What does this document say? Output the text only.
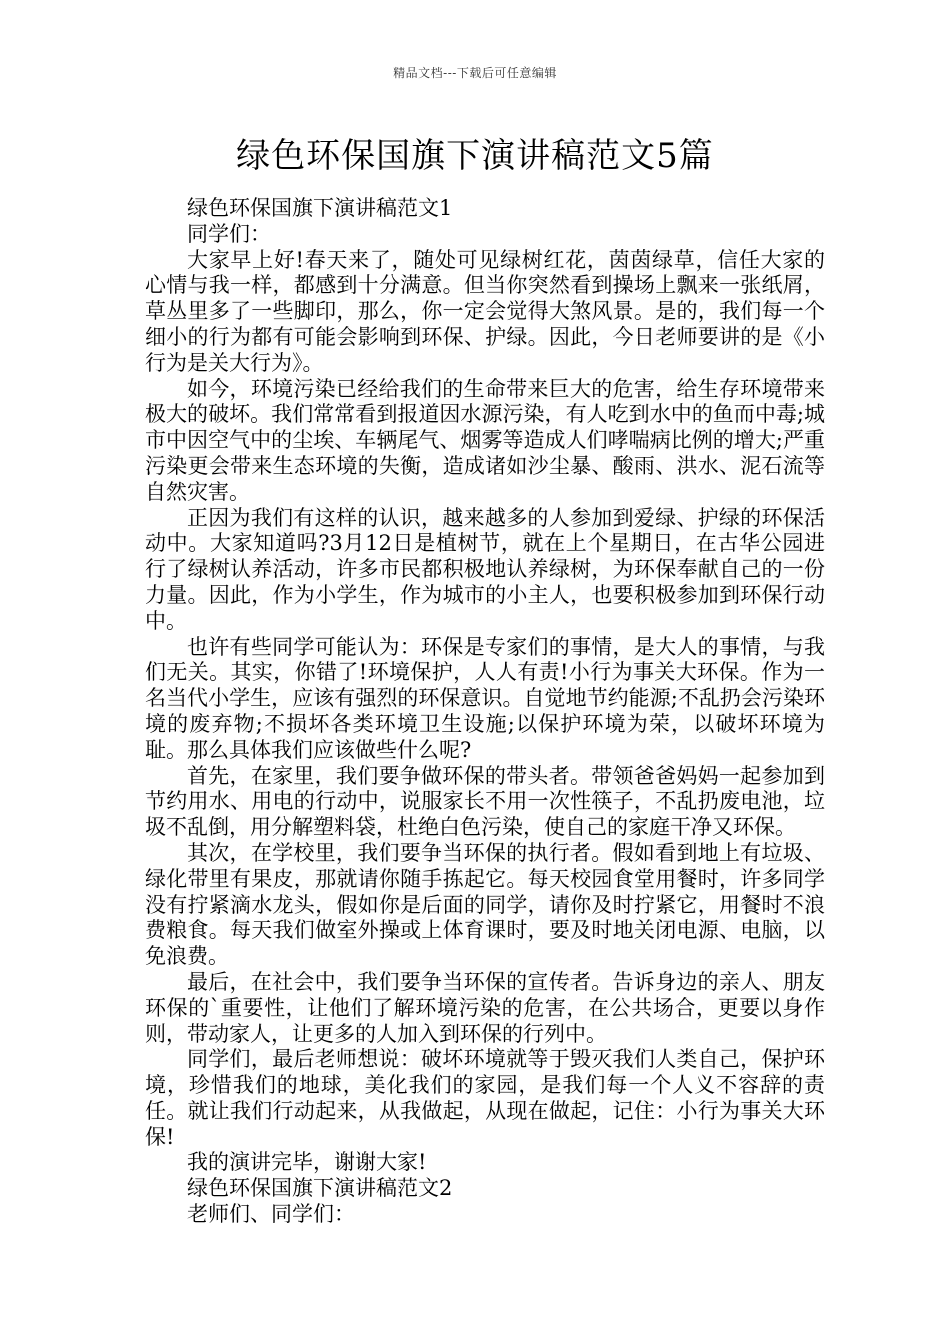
精品文档---下载后可任意编辑
绿色环保国旗下演讲稿范文5篇

绿色环保国旗下演讲稿范文1

同学们：

大家早上好!春天来了，随处可见绿树红花，茵茵绿草，信任大家的心情与我一样，都感到十分满意。但当你突然看到操场上飘来一张纸屑，草丛里多了一些脚印，那么，你一定会觉得大煞风景。是的，我们每一个细小的行为都有可能会影响到环保、护绿。因此，今日老师要讲的是《小行为是关大行为》。

如今，环境污染已经给我们的生命带来巨大的危害，给生存环境带来极大的破坏。我们常常看到报道因水源污染，有人吃到水中的鱼而中毒;城市中因空气中的尘埃、车辆尾气、烟雾等造成人们哮喘病比例的增大;严重污染更会带来生态环境的失衡，造成诸如沙尘暴、酸雨、洪水、泥石流等自然灾害。

正因为我们有这样的认识，越来越多的人参加到爱绿、护绿的环保活动中。大家知道吗?3月12日是植树节，就在上个星期日，在古华公园进行了绿树认养活动，许多市民都积极地认养绿树，为环保奉献自己的一份力量。因此，作为小学生，作为城市的小主人，也要积极参加到环保行动中。

也许有些同学可能认为：环保是专家们的事情，是大人的事情，与我们无关。其实，你错了!环境保护，人人有责!小行为事关大环保。作为一名当代小学生，应该有强烈的环保意识。自觉地节约能源;不乱扔会污染环境的废弃物;不损坏各类环境卫生设施;以保护环境为荣，以破坏环境为耻。那么具体我们应该做些什么呢?

首先，在家里，我们要争做环保的带头者。带领爸爸妈妈一起参加到节约用水、用电的行动中，说服家长不用一次性筷子，不乱扔废电池，垃圾不乱倒，用分解塑料袋，杜绝白色污染，使自己的家庭干净又环保。

其次，在学校里，我们要争当环保的执行者。假如看到地上有垃圾、绿化带里有果皮，那就请你随手拣起它。每天校园食堂用餐时，许多同学没有拧紧滴水龙头，假如你是后面的同学，请你及时拧紧它，用餐时不浪费粮食。每天我们做室外操或上体育课时，要及时地关闭电源、电脑，以免浪费。

最后，在社会中，我们要争当环保的宣传者。告诉身边的亲人、朋友环保的`重要性，让他们了解环境污染的危害，在公共场合，更要以身作则，带动家人，让更多的人加入到环保的行列中。

同学们，最后老师想说：破坏环境就等于毁灭我们人类自己，保护环境，珍惜我们的地球，美化我们的家园，是我们每一个人义不容辞的责任。就让我们行动起来，从我做起，从现在做起，记住：小行为事关大环保!

我的演讲完毕，谢谢大家!

绿色环保国旗下演讲稿范文2

老师们、同学们：
